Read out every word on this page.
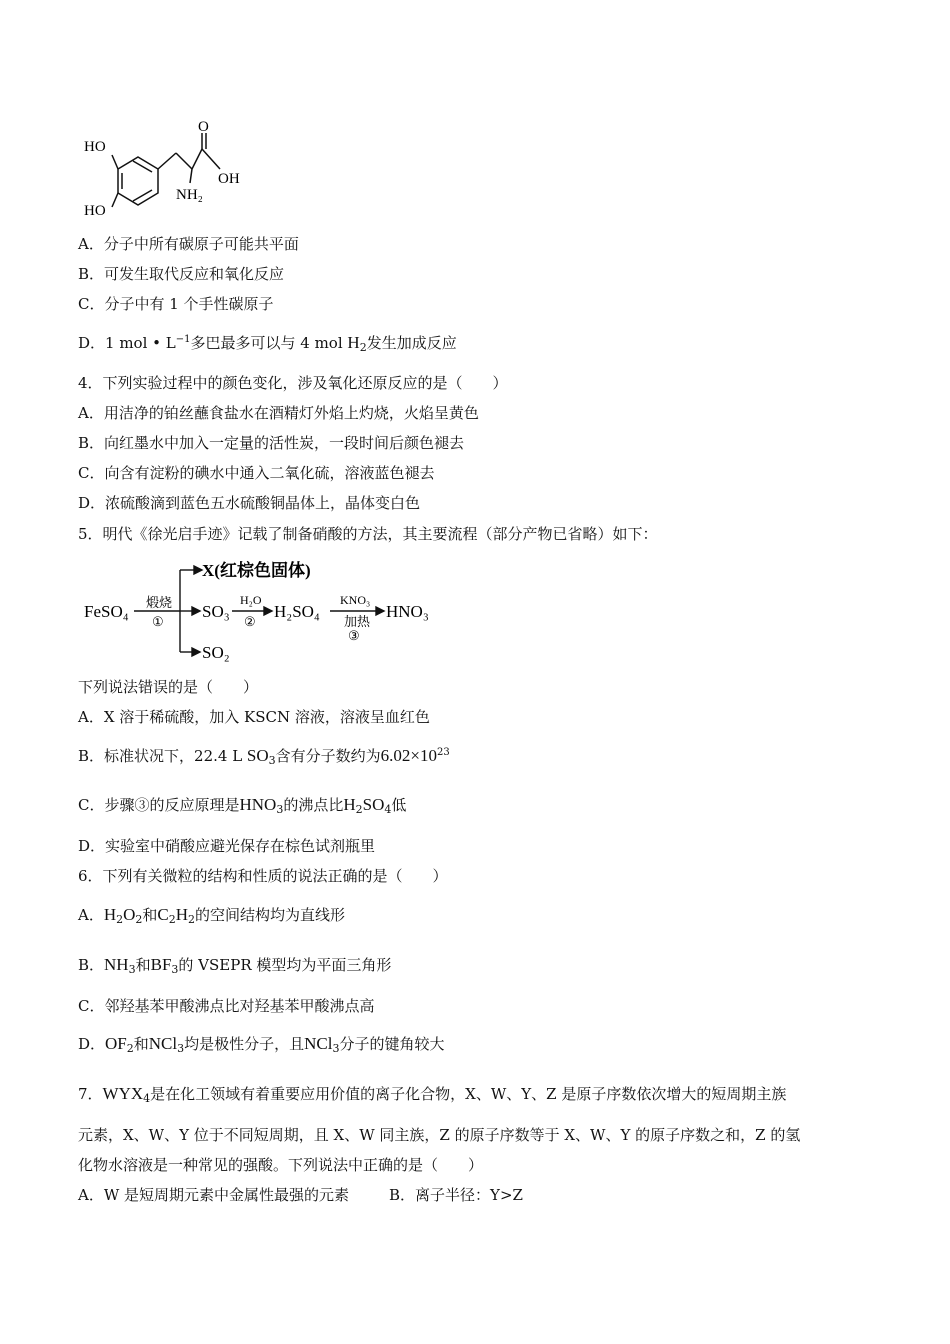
O
OH
HO
HO
NH₂
A．分子中所有碳原子可能共平面
B．可发生取代反应和氧化反应
C．分子中有 1 个手性碳原子
D．1 mol • $L^{-1}$多巴最多可以与 4 mol $H_2$发生加成反应
4．下列实验过程中的颜色变化，涉及氧化还原反应的是（　　）
A．用洁净的铂丝蘸食盐水在酒精灯外焰上灼烧，火焰呈黄色
B．向红墨水中加入一定量的活性炭，一段时间后颜色褪去
C．向含有淀粉的碘水中通入二氧化硫，溶液蓝色褪去
D．浓硫酸滴到蓝色五水硫酸铜晶体上，晶体变白色
5．明代《徐光启手迹》记载了制备硝酸的方法，其主要流程（部分产物已省略）如下：
FeSO₄ 煅烧
①
X(红棕色固体)
SO₃
SO₂
H₂O
②
H₂SO₄
KNO₃
加热
③
HNO₃
下列说法错误的是（　　）
A．X 溶于稀硫酸，加入 KSCN 溶液，溶液呈血红色
B．标准状况下，22.4 L $SO_3$含有分子数约为$6.02\times 10^{23}$
C．步骤③的反应原理是$HNO_3$的沸点比$H_2SO_4$低
D．实验室中硝酸应避光保存在棕色试剂瓶里
6．下列有关微粒的结构和性质的说法正确的是（　　）
A．$H_2O_2$和$C_2H_2$的空间结构均为直线形
B．$NH_3$和$BF_3$的 VSEPR 模型均为平面三角形
C．邻羟基苯甲酸沸点比对羟基苯甲酸沸点高
D．$OF_2$和NCl$_3$均是极性分子，且NCl$_3$分子的键角较大
7．$WYX_4$是在化工领域有着重要应用价值的离子化合物，X、W、Y、Z 是原子序数依次增大的短周期主族
元素，X、W、Y 位于不同短周期，且 X、W 同主族，Z 的原子序数等于 X、W、Y 的原子序数之和，Z 的氢
化物水溶液是一种常见的强酸。下列说法中正确的是（　　）
A．W 是短周期元素中金属性最强的元素	B．离子半径：Y>Z
